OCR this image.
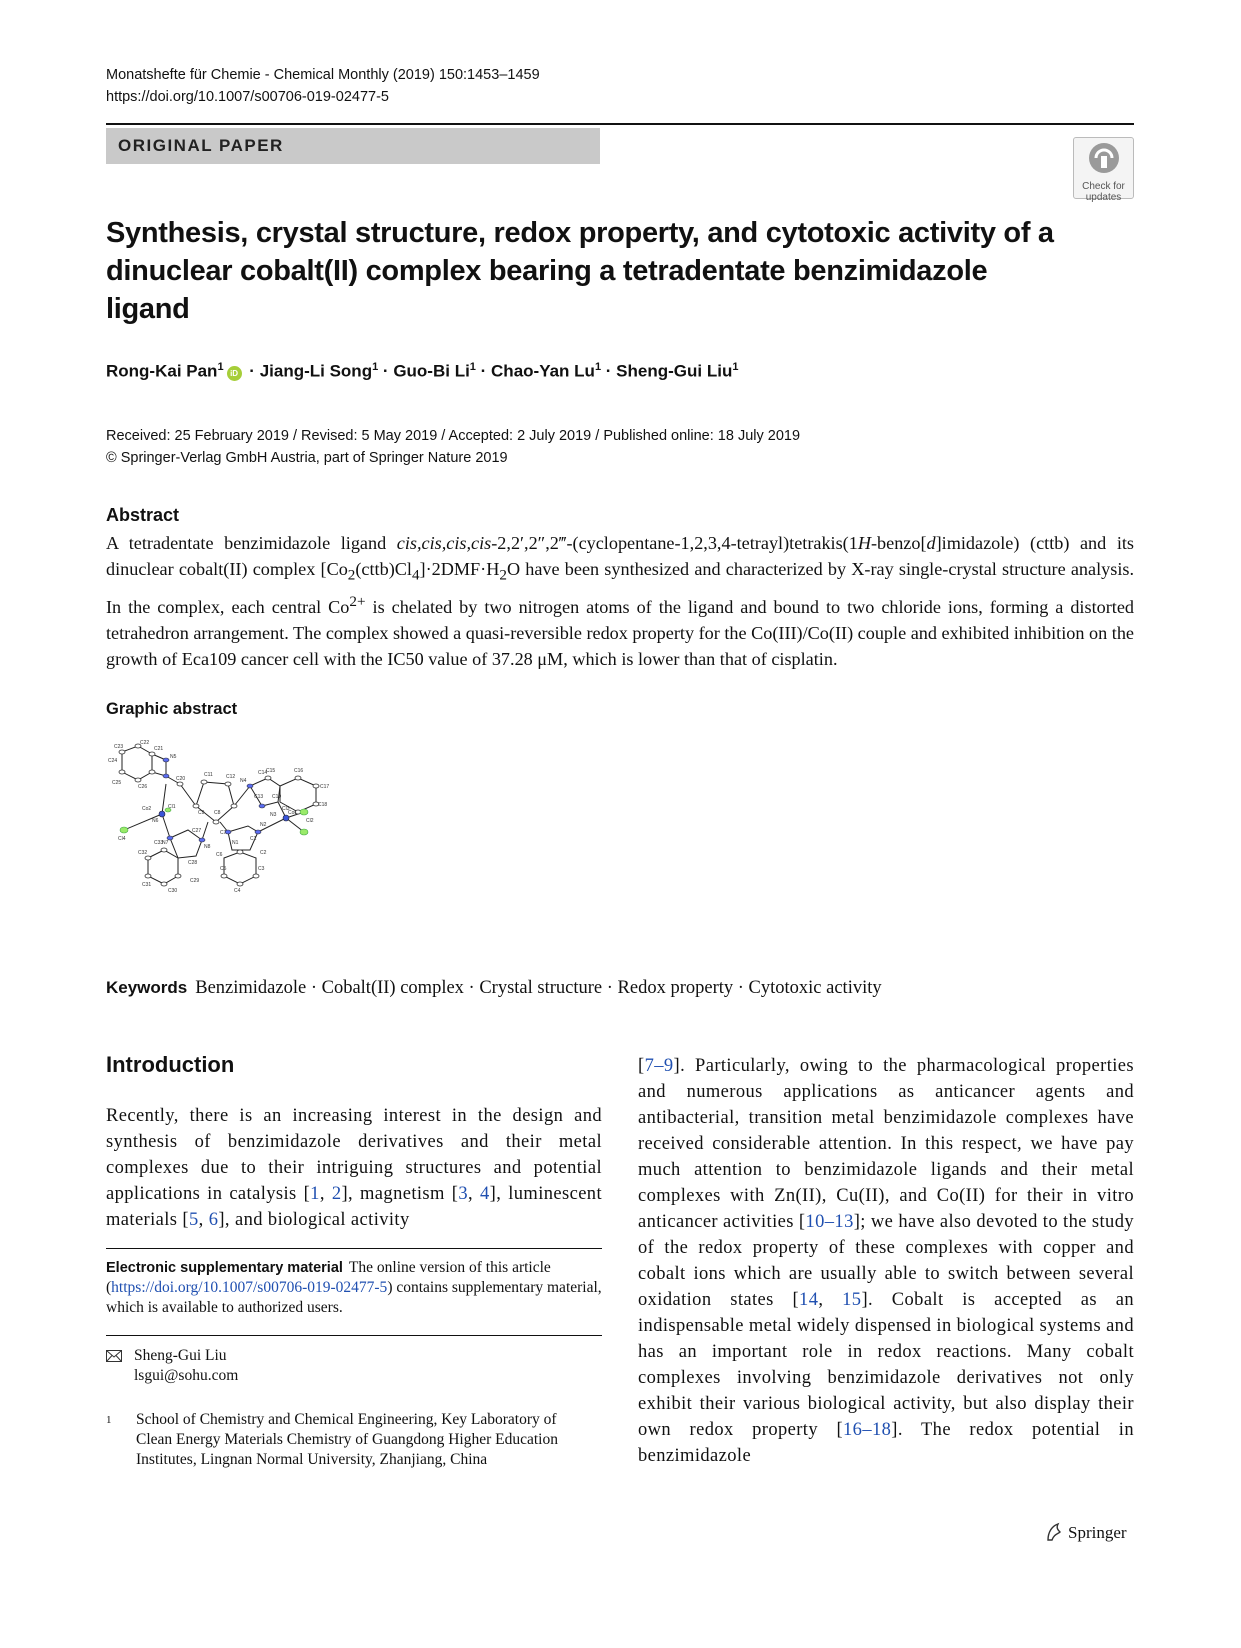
Monatshefte für Chemie - Chemical Monthly (2019) 150:1453–1459
https://doi.org/10.1007/s00706-019-02477-5
ORIGINAL PAPER
Check for
updates
Synthesis, crystal structure, redox property, and cytotoxic activity of a dinuclear cobalt(II) complex bearing a tetradentate benzimidazole ligand
Rong-Kai Pan$^1$iD · Jiang-Li Song$^1$ · Guo-Bi $Li^1$ · Chao-Yan $Lu^1$ · Sheng-Gui Liu$^1$
Received: 25 February 2019 / Revised: 5 May 2019 / Accepted: 2 July 2019 / Published online: 18 July 2019
© Springer-Verlag GmbH Austria, part of Springer Nature 2019
Abstract
A tetradentate benzimidazole ligand cis,cis,cis,cis-2,2′,2″,2‴-(cyclopentane-1,2,3,4-tetrayl)tetrakis(1H-benzo[d]imidazole) (cttb) and its dinuclear cobalt(II) complex $[Co_2(cttb)Cl_4]\cdot 2DMF\cdot H_2O$ have been synthesized and characterized by X-ray single-crystal structure analysis. In the complex, each central $Co^{2+}$ is chelated by two nitrogen atoms of the ligand and bound to two chloride ions, forming a distorted tetrahedron arrangement. The complex showed a quasi-reversible redox property for the Co(III)/Co(II) couple and exhibited inhibition on the growth of Eca109 cancer cell with the IC50 value of 37.28 μM, which is lower than that of cisplatin.
Graphic abstract
C23
C22
C24
C21
N5
C25
C26
C20
C11	C12
N4
C14
C15	C16
C17
Co2	Cl1
Cl4
N6
C27
C9 C8
N7
N2
N1
Co1
Cl2
C7
C1
N8
C28
C32
C33
C29
C31
C30
C5
C4
C3
C6	C2
C18
C13 C19
N3
Cl3
Keywords Benzimidazole · Cobalt(II) complex · Crystal structure · Redox property · Cytotoxic activity
Introduction
Recently, there is an increasing interest in the design and synthesis of benzimidazole derivatives and their metal complexes due to their intriguing structures and potential applications in catalysis [1, 2], magnetism [3, 4], luminescent materials [5, 6], and biological activity
[7–9]. Particularly, owing to the pharmacological properties and numerous applications as anticancer agents and antibacterial, transition metal benzimidazole complexes have received considerable attention. In this respect, we have pay much attention to benzimidazole ligands and their metal complexes with Zn(II), Cu(II), and Co(II) for their in vitro anticancer activities [10–13]; we have also devoted to the study of the redox property of these complexes with copper and cobalt ions which are usually able to switch between several oxidation states [14, 15]. Cobalt is accepted as an indispensable metal widely dispensed in biological systems and has an important role in redox reactions. Many cobalt complexes involving benzimidazole derivatives not only exhibit their various biological activity, but also display their own redox property [16–18]. The redox potential in benzimidazole
Electronic supplementary material The online version of this article (https://doi.org/10.1007/s00706-019-02477-5) contains supplementary material, which is available to authorized users.
Sheng-Gui Liu
lsgui@sohu.com
1 School of Chemistry and Chemical Engineering, Key Laboratory of Clean Energy Materials Chemistry of Guangdong Higher Education Institutes, Lingnan Normal University, Zhanjiang, China
Springer
